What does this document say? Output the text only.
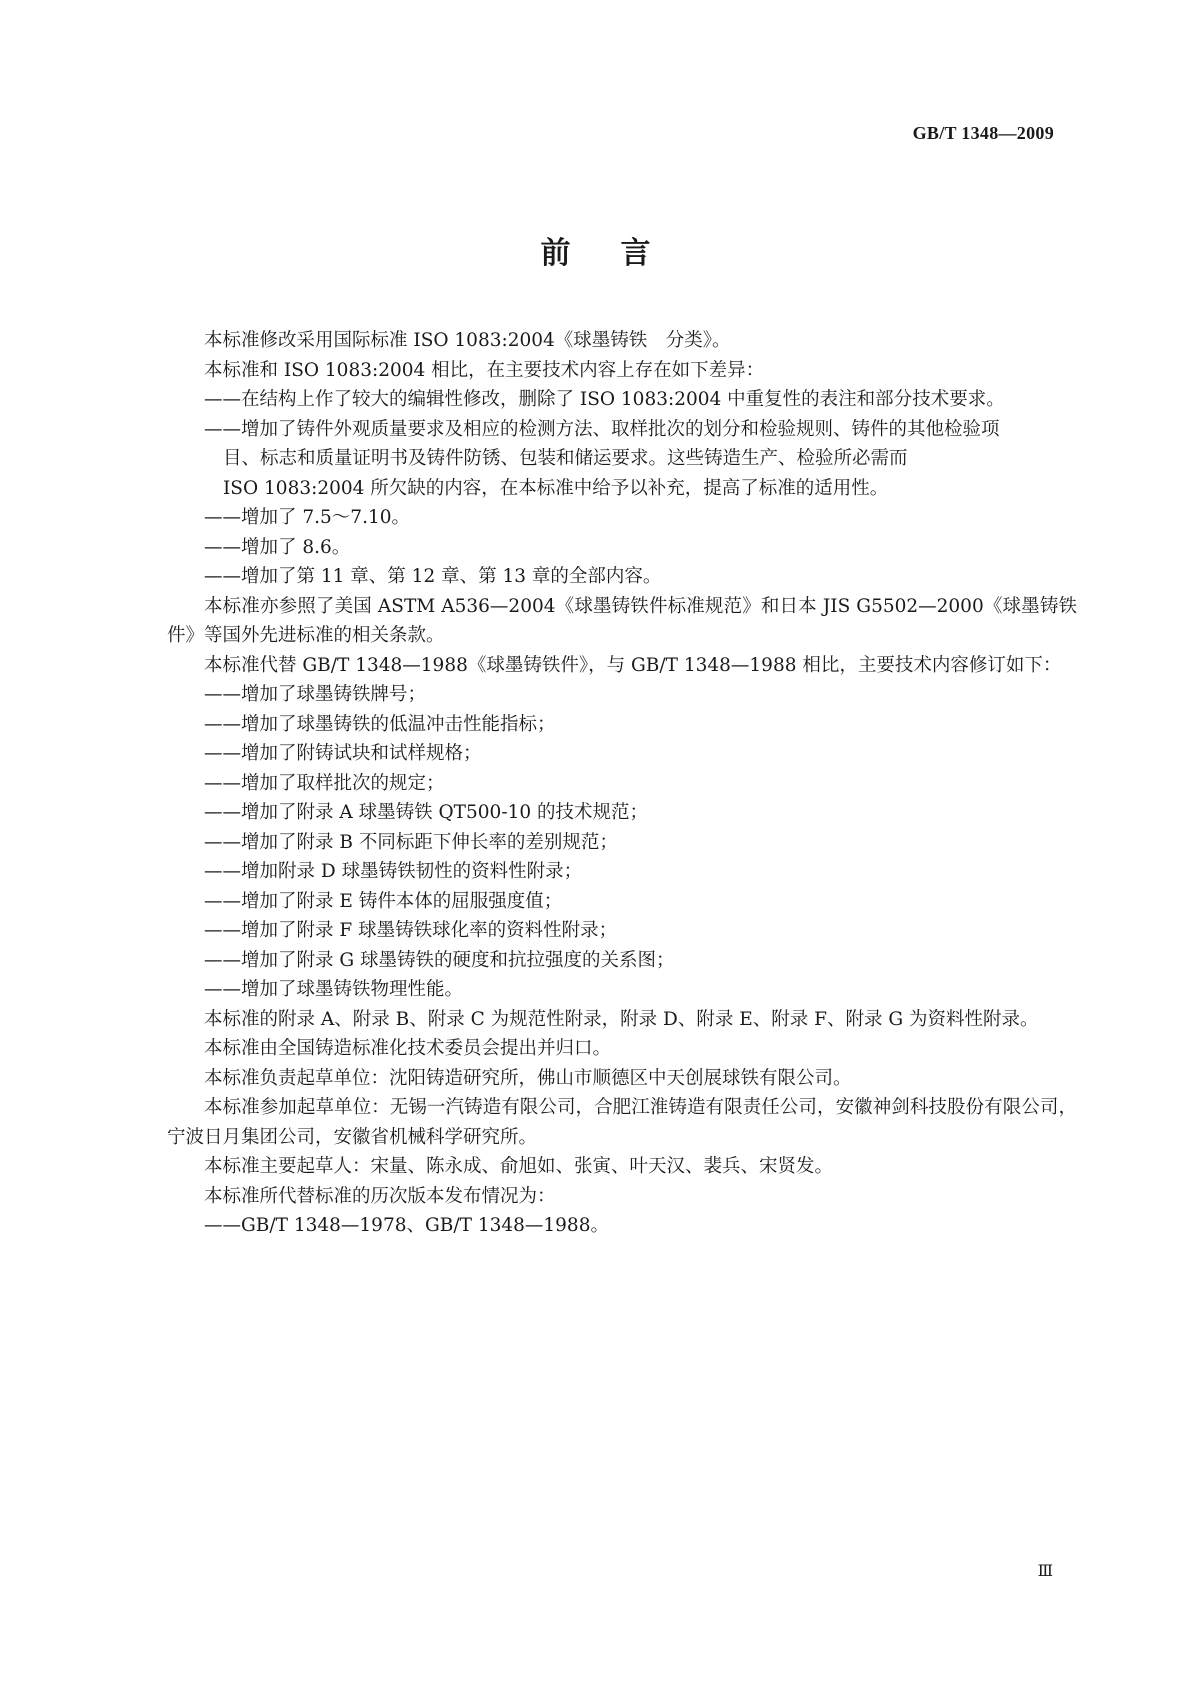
GB/T 1348—2009
前 言

本标准修改采用国际标准 ISO 1083:2004《球墨铸铁　分类》。

本标准和 ISO 1083:2004 相比，在主要技术内容上存在如下差异：

——在结构上作了较大的编辑性修改，删除了 ISO 1083:2004 中重复性的表注和部分技术要求。

——增加了铸件外观质量要求及相应的检测方法、取样批次的划分和检验规则、铸件的其他检验项

目、标志和质量证明书及铸件防锈、包装和储运要求。这些铸造生产、检验所必需而

ISO 1083:2004 所欠缺的内容，在本标准中给予以补充，提高了标准的适用性。

——增加了 7.5～7.10。

——增加了 8.6。

——增加了第 11 章、第 12 章、第 13 章的全部内容。

本标准亦参照了美国 ASTM A536—2004《球墨铸铁件标准规范》和日本 JIS G5502—2000《球墨铸铁件》等国外先进标准的相关条款。

本标准代替 GB/T 1348—1988《球墨铸铁件》，与 GB/T 1348—1988 相比，主要技术内容修订如下：

——增加了球墨铸铁牌号；

——增加了球墨铸铁的低温冲击性能指标；

——增加了附铸试块和试样规格；

——增加了取样批次的规定；

——增加了附录 A 球墨铸铁 QT500-10 的技术规范；

——增加了附录 B 不同标距下伸长率的差别规范；

——增加附录 D 球墨铸铁韧性的资料性附录；

——增加了附录 E 铸件本体的屈服强度值；

——增加了附录 F 球墨铸铁球化率的资料性附录；

——增加了附录 G 球墨铸铁的硬度和抗拉强度的关系图；

——增加了球墨铸铁物理性能。

本标准的附录 A、附录 B、附录 C 为规范性附录，附录 D、附录 E、附录 F、附录 G 为资料性附录。

本标准由全国铸造标准化技术委员会提出并归口。

本标准负责起草单位：沈阳铸造研究所，佛山市顺德区中天创展球铁有限公司。

本标准参加起草单位：无锡一汽铸造有限公司，合肥江淮铸造有限责任公司，安徽神剑科技股份有限公司，宁波日月集团公司，安徽省机械科学研究所。

本标准主要起草人：宋量、陈永成、俞旭如、张寅、叶天汉、裴兵、宋贤发。

本标准所代替标准的历次版本发布情况为：

——GB/T 1348—1978、GB/T 1348—1988。

Ⅲ
